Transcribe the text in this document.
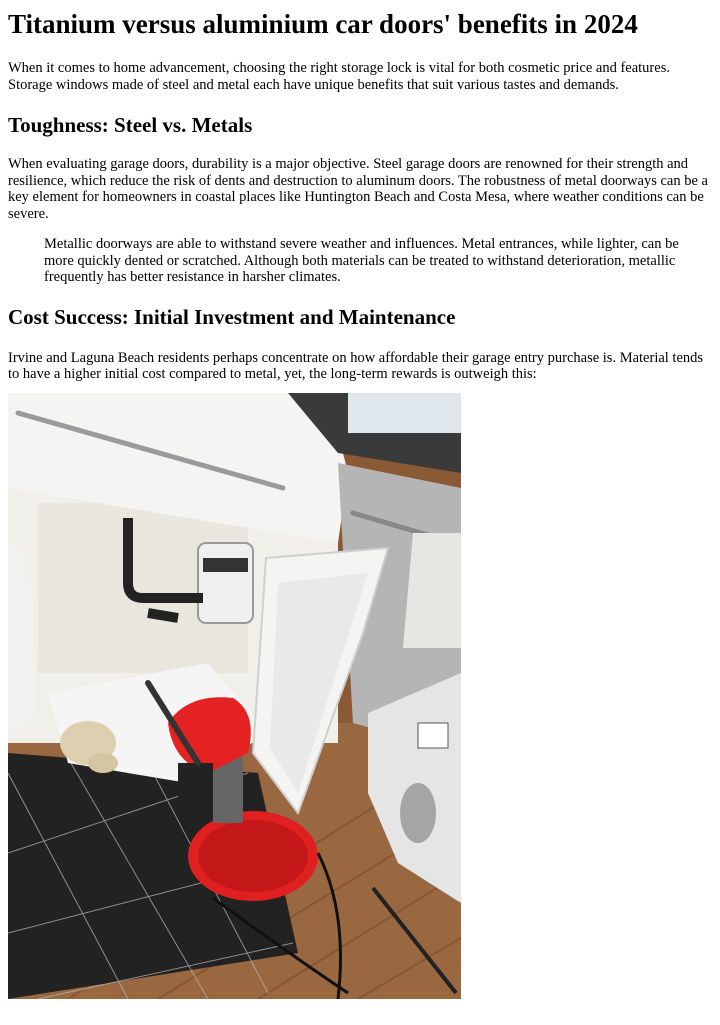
Titanium versus aluminium car doors' benefits in 2024

When it comes to home advancement, choosing the right storage lock is vital for both cosmetic price and features. Storage windows made of steel and metal each have unique benefits that suit various tastes and demands.

Toughness: Steel vs. Metals

When evaluating garage doors, durability is a major objective. Steel garage doors are renowned for their strength and resilience, which reduce the risk of dents and destruction to aluminum doors. The robustness of metal doorways can be a key element for homeowners in coastal places like Huntington Beach and Costa Mesa, where weather conditions can be severe.

Metallic doorways are able to withstand severe weather and influences. Metal entrances, while lighter, can be more quickly dented or scratched. Although both materials can be treated to withstand deterioration, metallic frequently has better resistance in harsher climates.
Cost Success: Initial Investment and Maintenance

Irvine and Laguna Beach residents perhaps concentrate on how affordable their garage entry purchase is. Material tends to have a higher initial cost compared to metal, yet, the long-term rewards is outweigh this:
